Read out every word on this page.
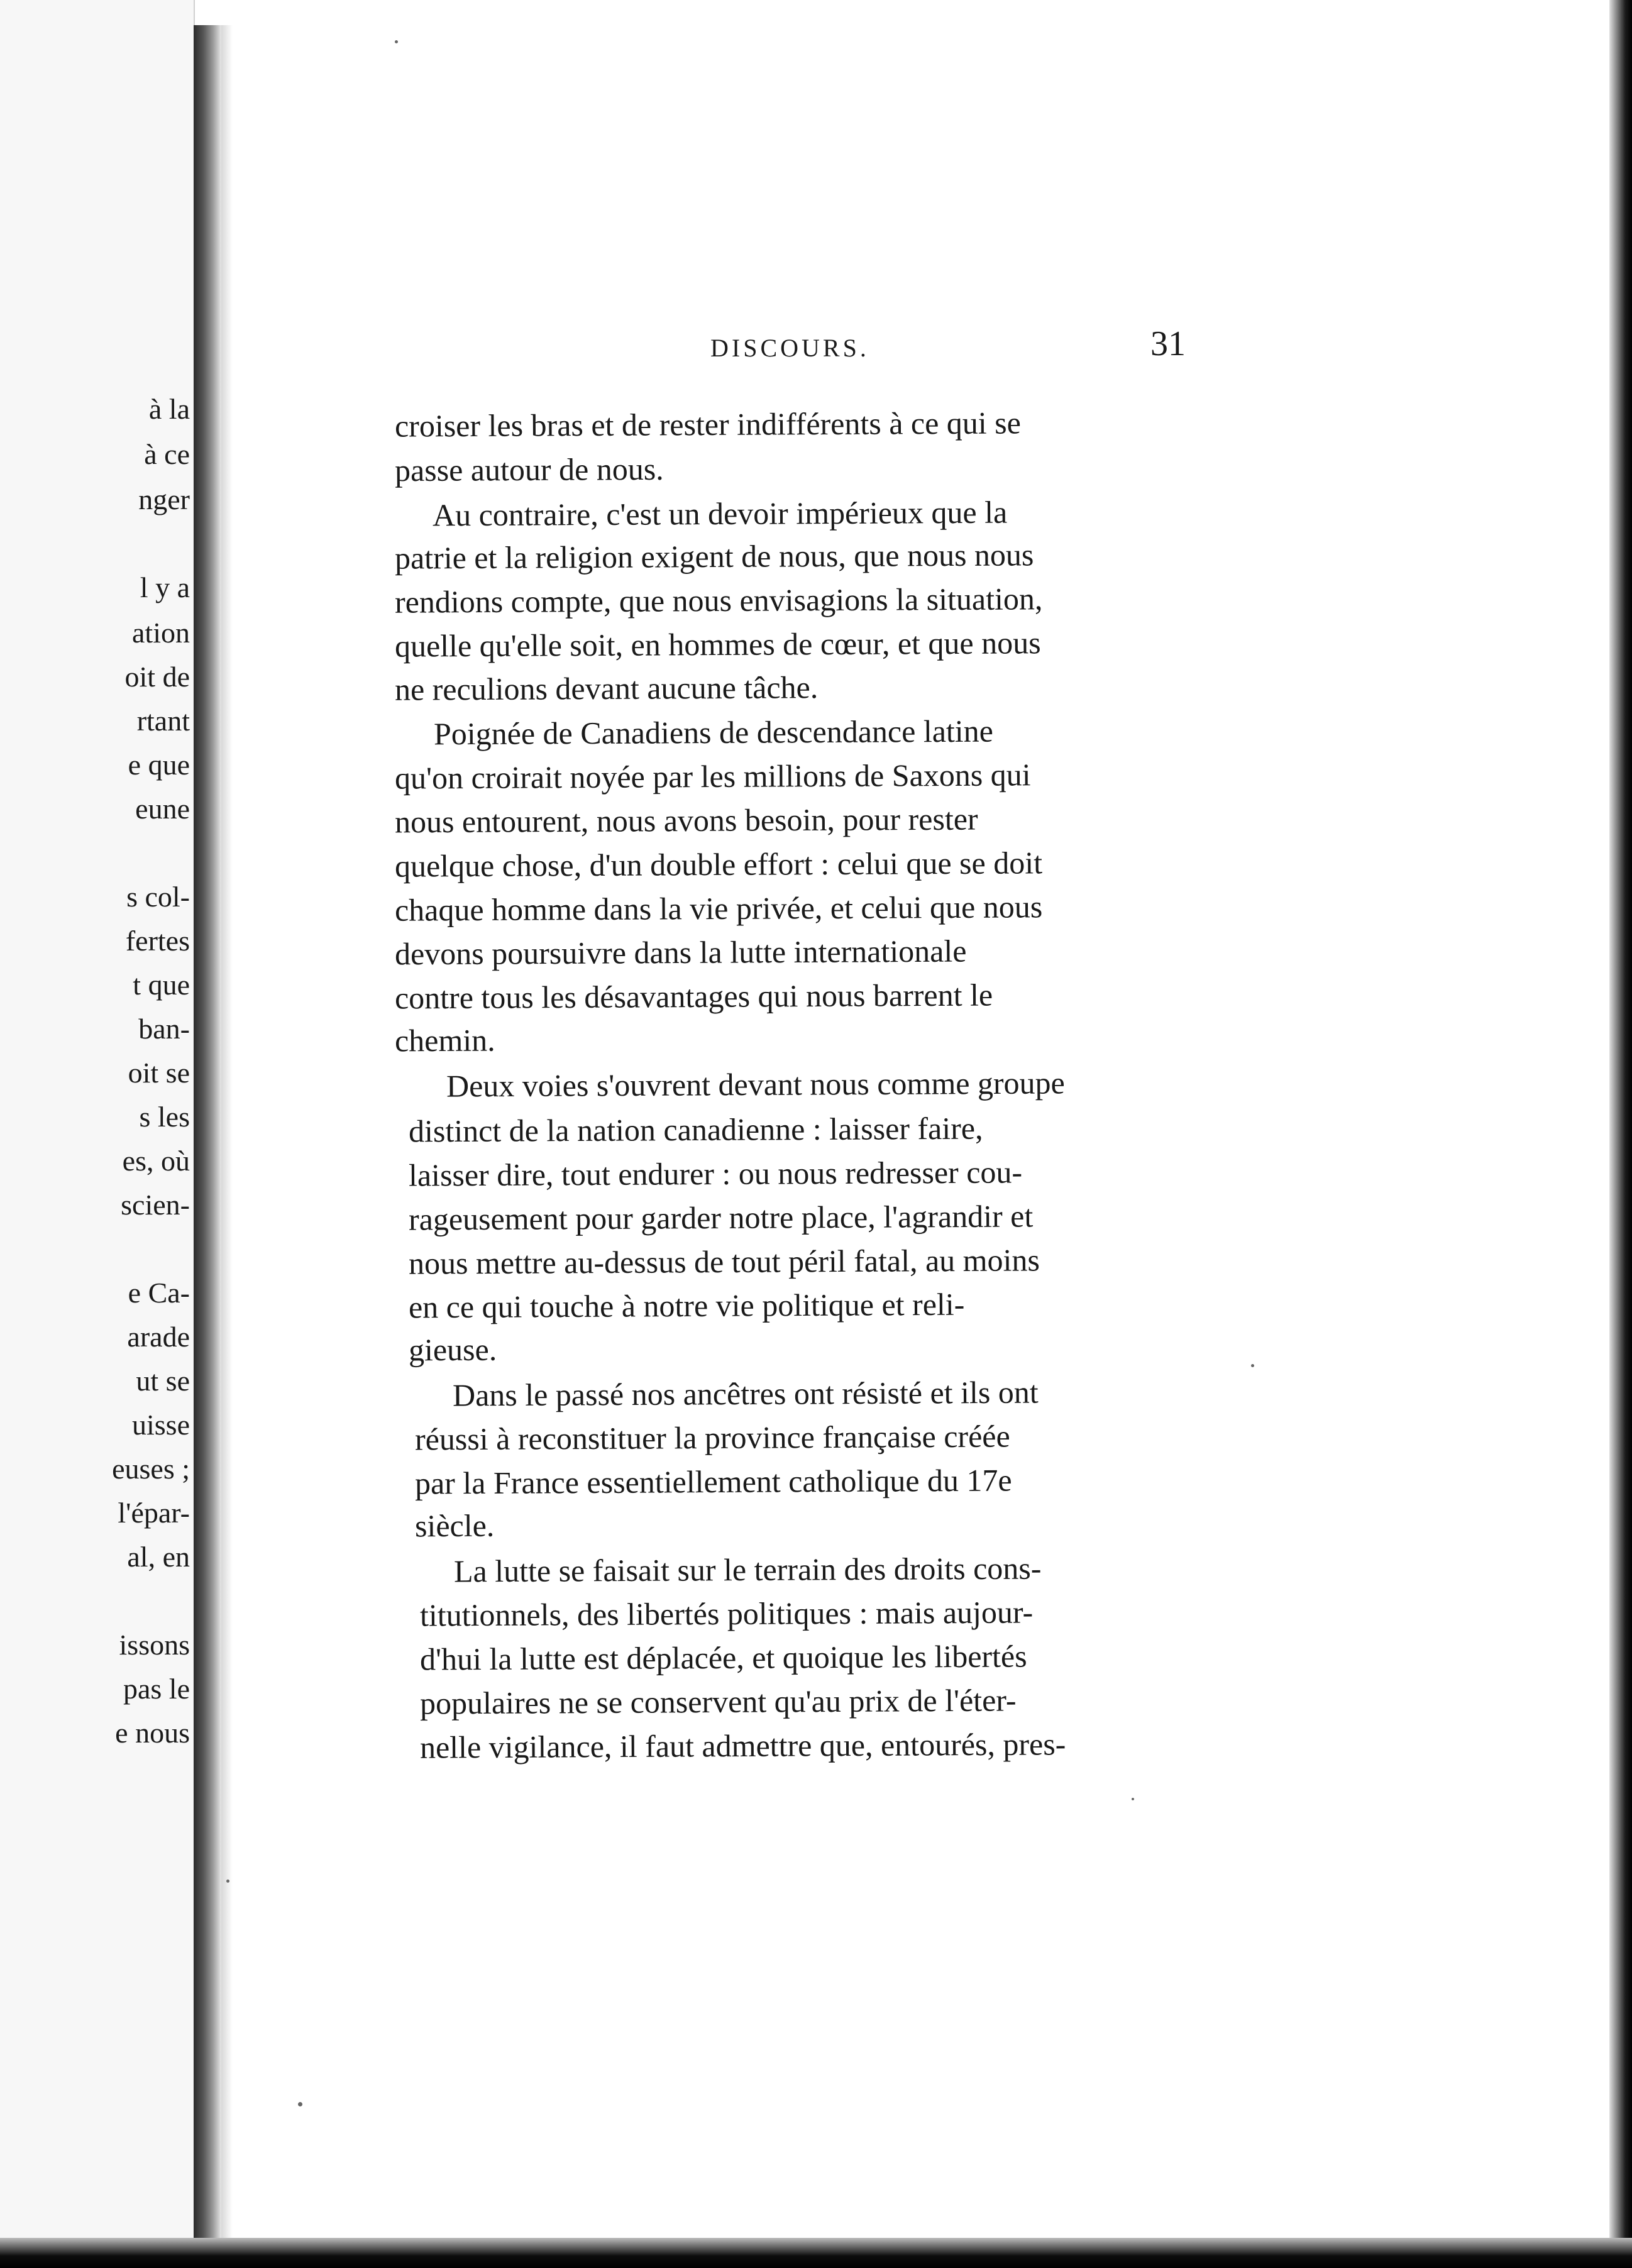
à la
à ce
nger
l y a
ation
oit de
rtant
e que
eune
s col-
fertes
t que
ban-
oit se
s les
es, où
scien-
e Ca-
arade
ut se
uisse
euses ;
l'épar-
al, en
issons
pas le
e nous
DISCOURS.	31
croiser les bras et de rester indifférents à ce qui se
passe autour de nous.
Au contraire, c'est un devoir impérieux que la
patrie et la religion exigent de nous, que nous nous
rendions compte, que nous envisagions la situation,
quelle qu'elle soit, en hommes de cœur, et que nous
ne reculions devant aucune tâche.
Poignée de Canadiens de descendance latine
qu'on croirait noyée par les millions de Saxons qui
nous entourent, nous avons besoin, pour rester
quelque chose, d'un double effort : celui que se doit
chaque homme dans la vie privée, et celui que nous
devons poursuivre dans la lutte internationale
contre tous les désavantages qui nous barrent le
chemin.
Deux voies s'ouvrent devant nous comme groupe
distinct de la nation canadienne : laisser faire,
laisser dire, tout endurer : ou nous redresser cou-
rageusement pour garder notre place, l'agrandir et
nous mettre au-dessus de tout péril fatal, au moins
en ce qui touche à notre vie politique et reli-
gieuse.
Dans le passé nos ancêtres ont résisté et ils ont
réussi à reconstituer la province française créée
par la France essentiellement catholique du 17e
siècle.
La lutte se faisait sur le terrain des droits cons-
titutionnels, des libertés politiques : mais aujour-
d'hui la lutte est déplacée, et quoique les libertés
populaires ne se conservent qu'au prix de l'éter-
nelle vigilance, il faut admettre que, entourés, pres-
